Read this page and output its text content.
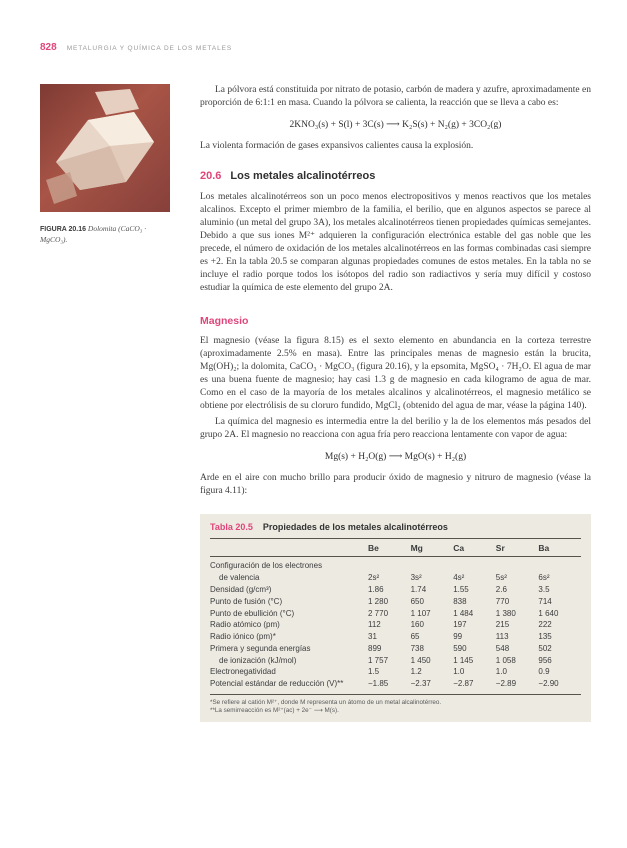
828 METALURGIA Y QUÍMICA DE LOS METALES
FIGURA 20.16 Dolomita (CaCO₃ · MgCO₃).

La pólvora está constituida por nitrato de potasio, carbón de madera y azufre, aproximadamente en proporción de 6:1:1 en masa. Cuando la pólvora se calienta, la reacción que se lleva a cabo es:

2KNO₃(s) + S(l) + 3C(s) ⟶ K₂S(s) + N₂(g) + 3CO₂(g)

La violenta formación de gases expansivos calientes causa la explosión.

20.6 Los metales alcalinotérreos

Los metales alcalinotérreos son un poco menos electropositivos y menos reactivos que los metales alcalinos. Excepto el primer miembro de la familia, el berilio, que en algunos aspectos se parece al aluminio (un metal del grupo 3A), los metales alcalinotérreos tienen propiedades químicas semejantes. Debido a que sus iones M²⁺ adquieren la configuración electrónica estable del gas noble que les precede, el número de oxidación de los metales alcalinotérreos en las formas combinadas casi siempre es +2. En la tabla 20.5 se comparan algunas propiedades comunes de estos metales. En la tabla no se incluye el radio porque todos los isótopos del radio son radiactivos y sería muy difícil y costoso estudiar la química de este elemento del grupo 2A.

Magnesio

El magnesio (véase la figura 8.15) es el sexto elemento en abundancia en la corteza terrestre (aproximadamente 2.5% en masa). Entre las principales menas de magnesio están la brucita, Mg(OH)₂; la dolomita, CaCO₃ · MgCO₃ (figura 20.16), y la epsomita, MgSO₄ · 7H₂O. El agua de mar es una buena fuente de magnesio; hay casi 1.3 g de magnesio en cada kilogramo de agua de mar. Como en el caso de la mayoría de los metales alcalinos y alcalinotérreos, el magnesio metálico se obtiene por electrólisis de su cloruro fundido, MgCl₂ (obtenido del agua de mar, véase la página 140).

La química del magnesio es intermedia entre la del berilio y la de los elementos más pesados del grupo 2A. El magnesio no reacciona con agua fría pero reacciona lentamente con vapor de agua:

Mg(s) + H₂O(g) ⟶ MgO(s) + H₂(g)

Arde en el aire con mucho brillo para producir óxido de magnesio y nitruro de magnesio (véase la figura 4.11):

Tabla 20.5 Propiedades de los metales alcalinotérreos
Be	Mg	Ca	Sr	Ba
Configuración de los electrones
de valencia	2s²	3s²	4s²	5s²	6s²
Densidad (g/cm³)	1.86	1.74	1.55	2.6	3.5
Punto de fusión (°C)	1 280	650	838	770	714
Punto de ebullición (°C)	2 770	1 107	1 484	1 380	1 640
Radio atómico (pm)	112	160	197	215	222
Radio iónico (pm)*	31	65	99	113	135
Primera y segunda energías	899	738	590	548	502
de ionización (kJ/mol)	1 757	1 450	1 145	1 058	956
Electronegatividad	1.5	1.2	1.0	1.0	0.9
Potencial estándar de reducción (V)**	−1.85	−2.37	−2.87	−2.89	−2.90
*Se refiere al catión M²⁺, donde M representa un átomo de un metal alcalinotérreo.
**La semirreacción es M²⁺(ac) + 2e⁻ ⟶ M(s).
